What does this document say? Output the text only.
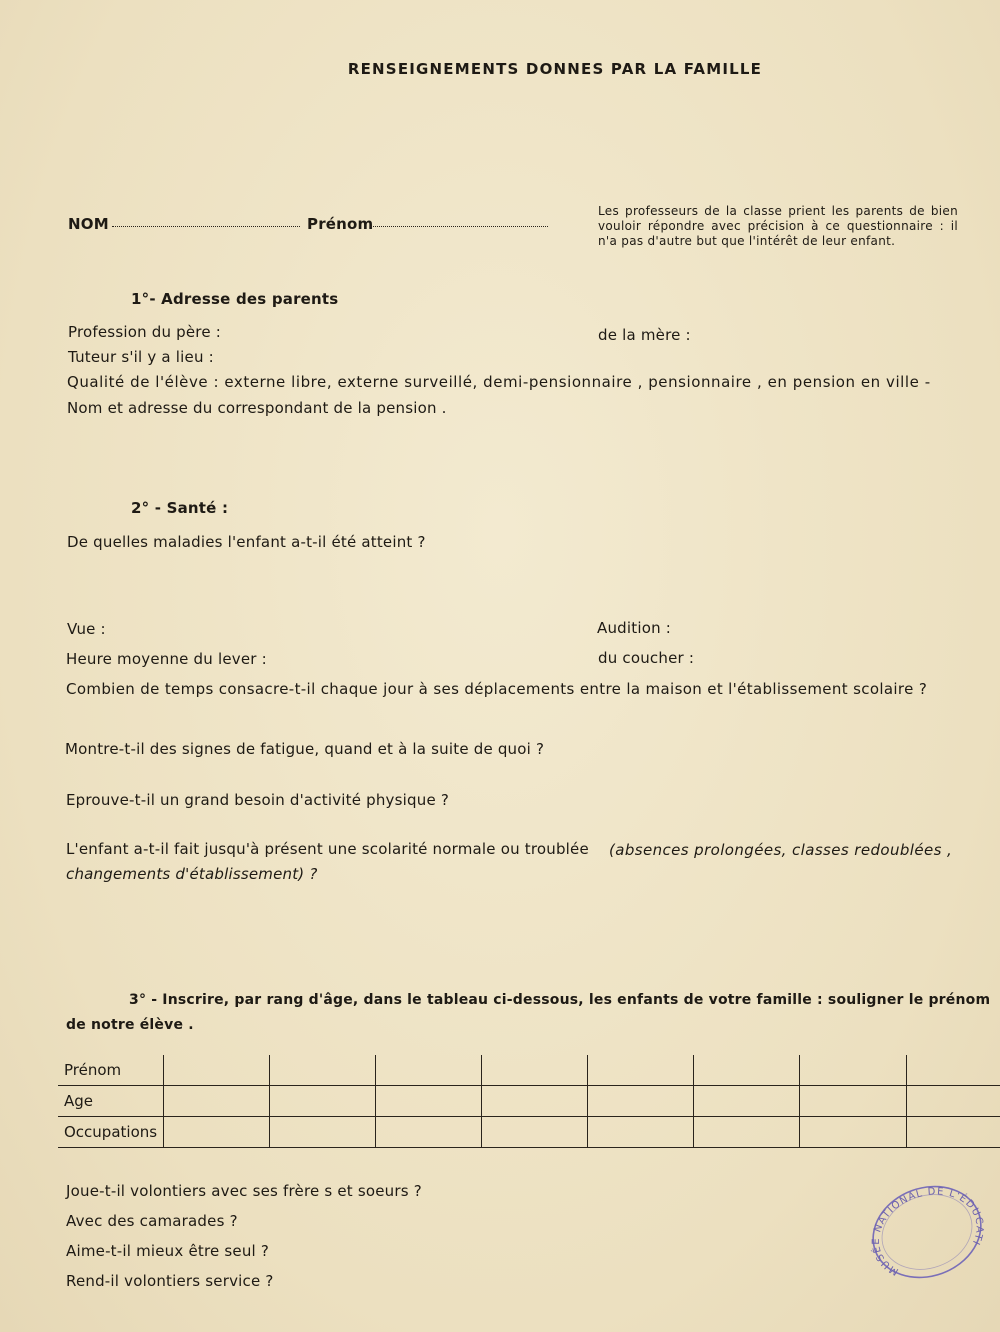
RENSEIGNEMENTS DONNES PAR LA FAMILLE
NOM	Prénom
Les professeurs de la classe prient les parents de bien vouloir répondre avec précision à ce questionnaire : il n'a pas d'autre but que l'intérêt de leur enfant.
1°- Adresse des parents
Profession du père :	de la mère :
Tuteur s'il y a lieu :
Qualité de l'élève : externe libre, externe surveillé, demi-pensionnaire , pensionnaire , en pension en ville -
Nom et adresse du correspondant de la pension .
2° - Santé :
De quelles maladies l'enfant a-t-il été atteint ?
Vue :	Audition :
Heure moyenne du lever :	du coucher :
Combien de temps consacre-t-il chaque jour à ses déplacements entre la maison et l'établissement scolaire ?
Montre-t-il des signes de fatigue, quand et à la suite de quoi ?
Eprouve-t-il un grand besoin d'activité physique ?
L'enfant a-t-il fait jusqu'à présent une scolarité normale ou troublée (absences prolongées, classes redoublées ,
changements d'établissement) ?
3° - Inscrire, par rang d'âge, dans le tableau ci-dessous, les enfants de votre famille : souligner le prénom
de notre élève .
Prénom								
Age								
Occupations								
Joue-t-il volontiers avec ses frère s et soeurs ?
Avec des camarades ?
Aime-t-il mieux être seul ?
Rend-il volontiers service ?
MUSÉE NATIONAL DE L'ÉDUCATION
